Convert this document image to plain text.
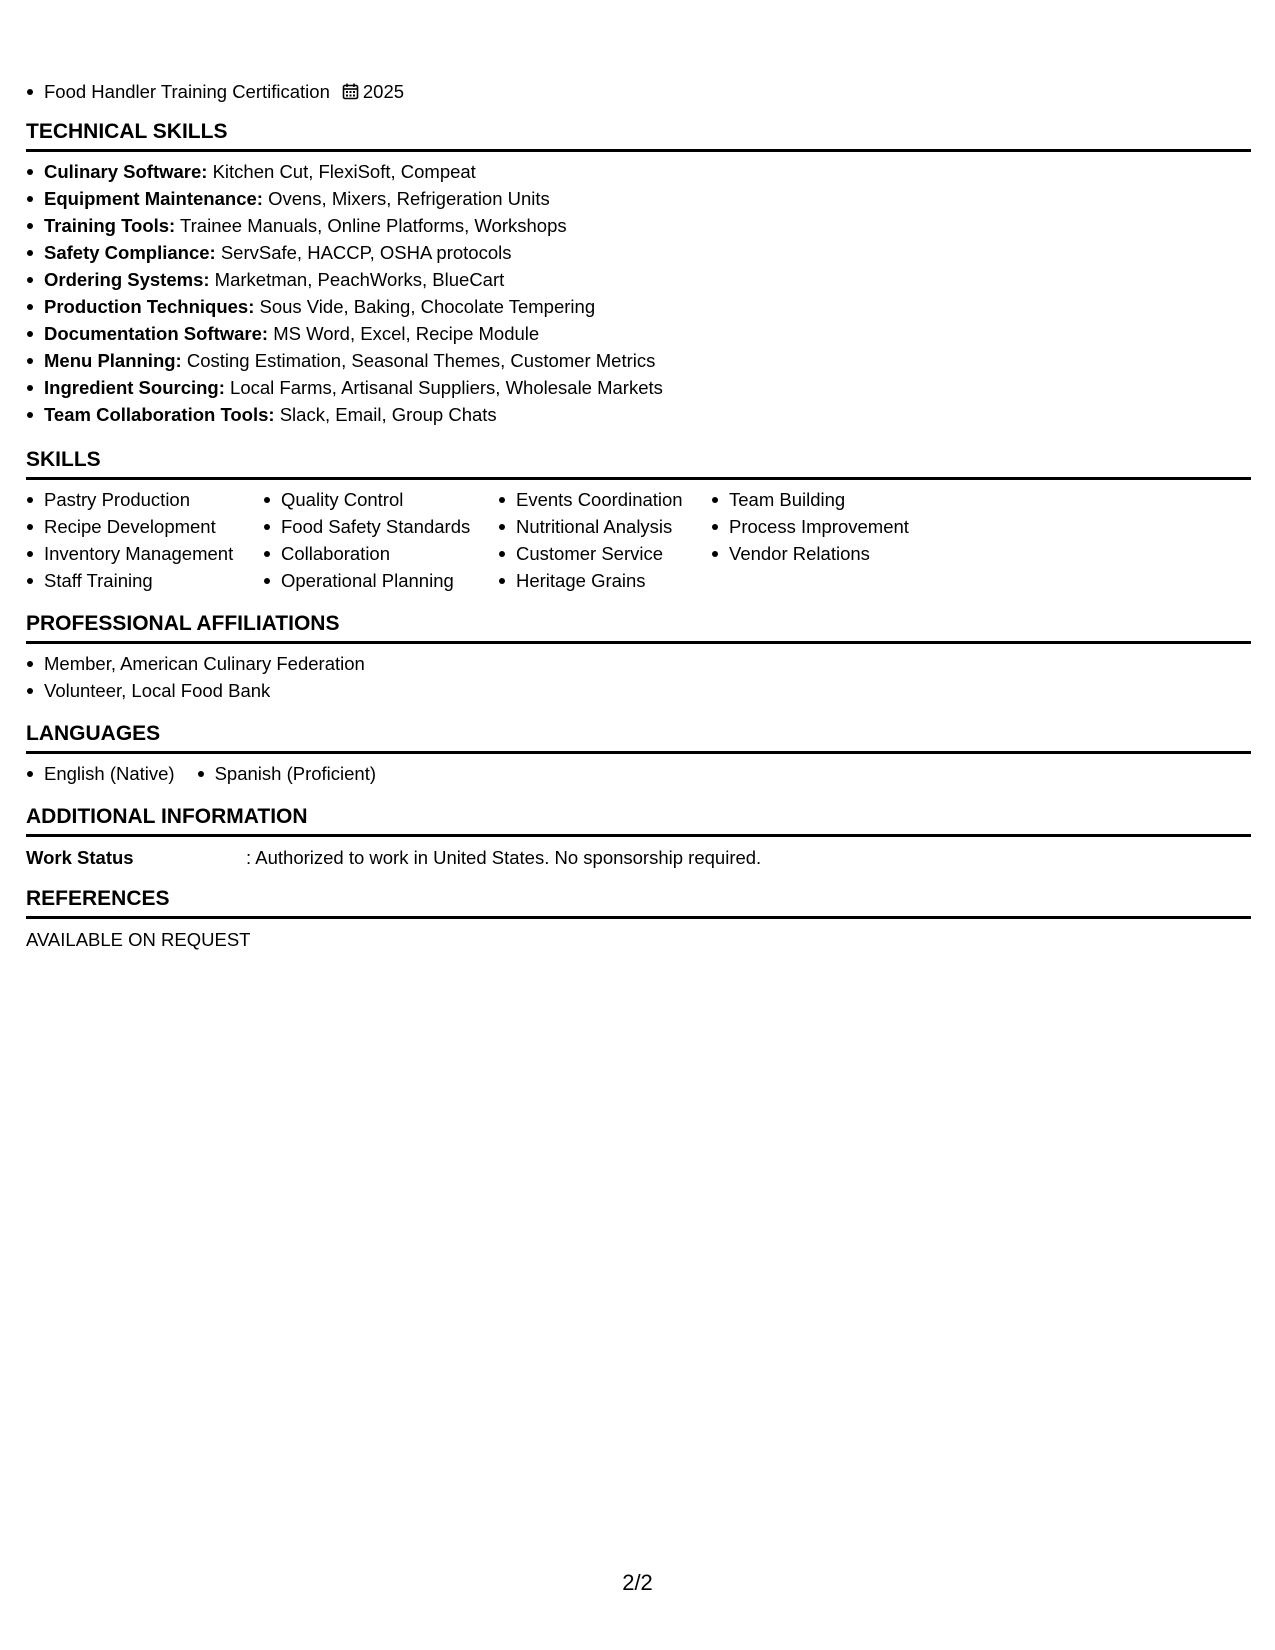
Food Handler Training Certification 2025
TECHNICAL SKILLS
Culinary Software: Kitchen Cut, FlexiSoft, Compeat
Equipment Maintenance: Ovens, Mixers, Refrigeration Units
Training Tools: Trainee Manuals, Online Platforms, Workshops
Safety Compliance: ServSafe, HACCP, OSHA protocols
Ordering Systems: Marketman, PeachWorks, BlueCart
Production Techniques: Sous Vide, Baking, Chocolate Tempering
Documentation Software: MS Word, Excel, Recipe Module
Menu Planning: Costing Estimation, Seasonal Themes, Customer Metrics
Ingredient Sourcing: Local Farms, Artisanal Suppliers, Wholesale Markets
Team Collaboration Tools: Slack, Email, Group Chats
SKILLS
Pastry Production
Recipe Development
Inventory Management
Staff Training
Quality Control
Food Safety Standards
Collaboration
Operational Planning
Events Coordination
Nutritional Analysis
Customer Service
Heritage Grains
Team Building
Process Improvement
Vendor Relations
PROFESSIONAL AFFILIATIONS
Member, American Culinary Federation
Volunteer, Local Food Bank
LANGUAGES
English (Native)	Spanish (Proficient)
ADDITIONAL INFORMATION
Work Status	: Authorized to work in United States. No sponsorship required.
REFERENCES
AVAILABLE ON REQUEST
2/2
